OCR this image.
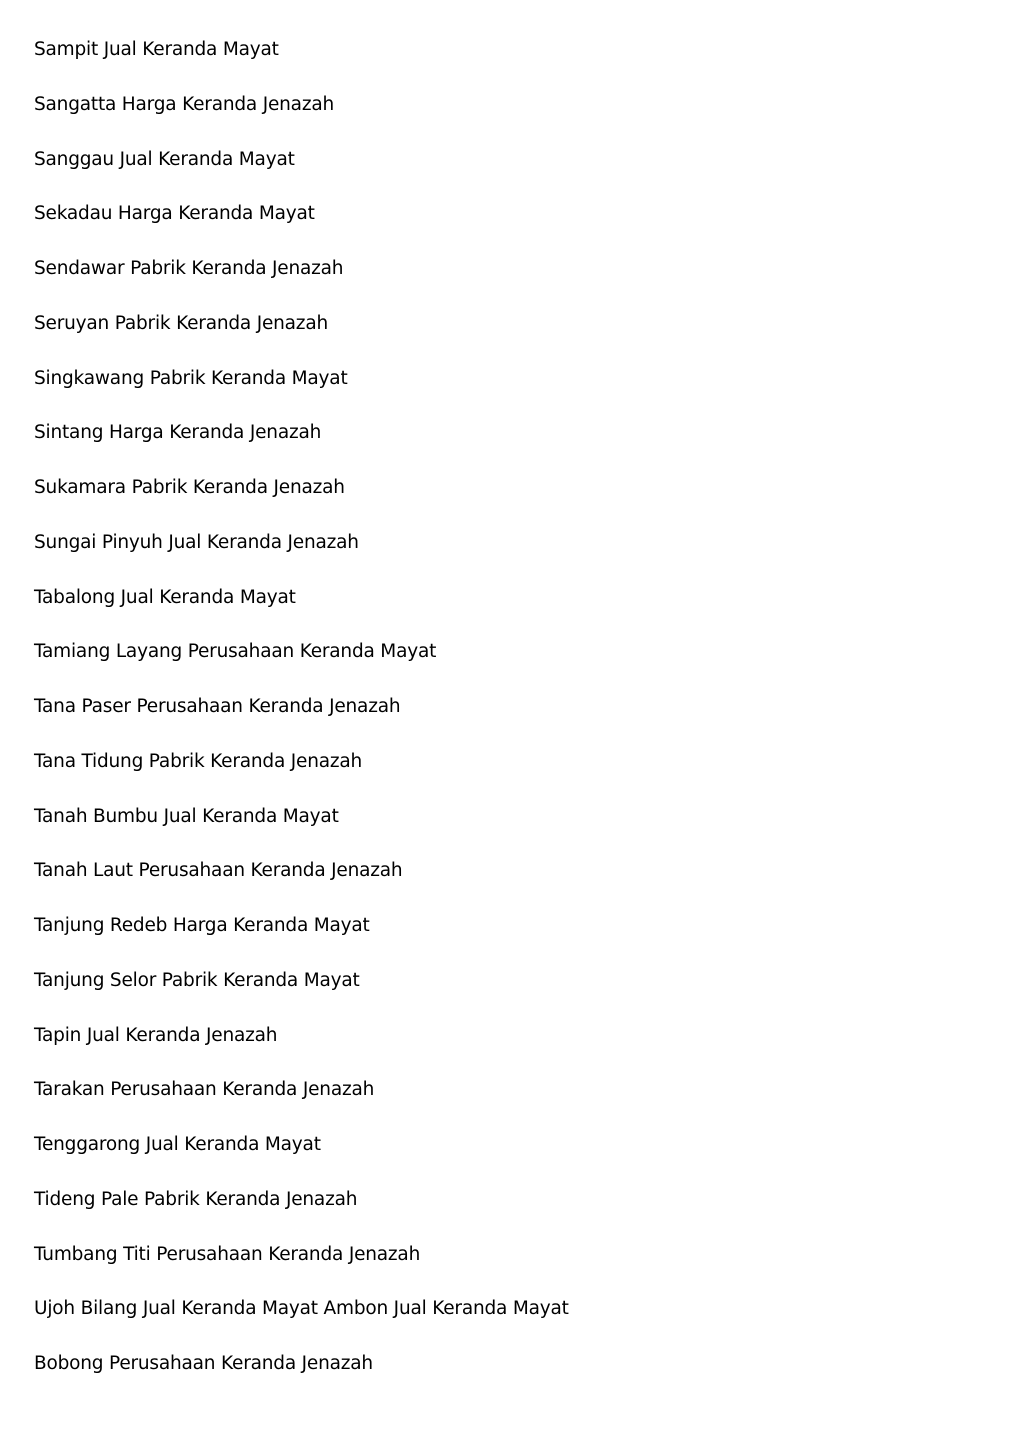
Sampit Jual Keranda Mayat
Sangatta Harga Keranda Jenazah
Sanggau Jual Keranda Mayat
Sekadau Harga Keranda Mayat
Sendawar Pabrik Keranda Jenazah
Seruyan Pabrik Keranda Jenazah
Singkawang Pabrik Keranda Mayat
Sintang Harga Keranda Jenazah
Sukamara Pabrik Keranda Jenazah
Sungai Pinyuh Jual Keranda Jenazah
Tabalong Jual Keranda Mayat
Tamiang Layang Perusahaan Keranda Mayat
Tana Paser Perusahaan Keranda Jenazah
Tana Tidung Pabrik Keranda Jenazah
Tanah Bumbu Jual Keranda Mayat
Tanah Laut Perusahaan Keranda Jenazah
Tanjung Redeb Harga Keranda Mayat
Tanjung Selor Pabrik Keranda Mayat
Tapin Jual Keranda Jenazah
Tarakan Perusahaan Keranda Jenazah
Tenggarong Jual Keranda Mayat
Tideng Pale Pabrik Keranda Jenazah
Tumbang Titi Perusahaan Keranda Jenazah
Ujoh Bilang Jual Keranda Mayat Ambon Jual Keranda Mayat
Bobong Perusahaan Keranda Jenazah
